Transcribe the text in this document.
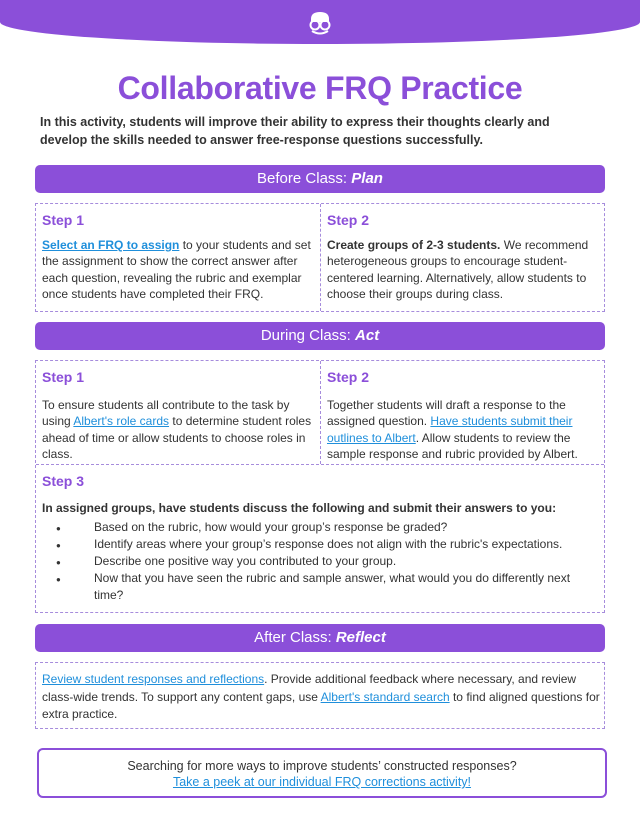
Collaborative FRQ Practice
In this activity, students will improve their ability to express their thoughts clearly and develop the skills needed to answer free-response questions successfully.
Before Class: Plan
Step 1
Select an FRQ to assign to your students and set the assignment to show the correct answer after each question, revealing the rubric and exemplar once students have completed their FRQ.
Step 2
Create groups of 2-3 students. We recommend heterogeneous groups to encourage student-centered learning. Alternatively, allow students to choose their groups during class.
During Class: Act
Step 1
To ensure students all contribute to the task by using Albert's role cards to determine student roles ahead of time or allow students to choose roles in class.
Step 2
Together students will draft a response to the assigned question. Have students submit their outlines to Albert. Allow students to review the sample response and rubric provided by Albert.
Step 3
In assigned groups, have students discuss the following and submit their answers to you:
● Based on the rubric, how would your group’s response be graded?
● Identify areas where your group’s response does not align with the rubric's expectations.
● Describe one positive way you contributed to your group.
● Now that you have seen the rubric and sample answer, what would you do differently next time?
After Class: Reflect
Review student responses and reflections. Provide additional feedback where necessary, and review class-wide trends. To support any content gaps, use Albert's standard search to find aligned questions for extra practice.
Searching for more ways to improve students’ constructed responses?
Take a peek at our individual FRQ corrections activity!
